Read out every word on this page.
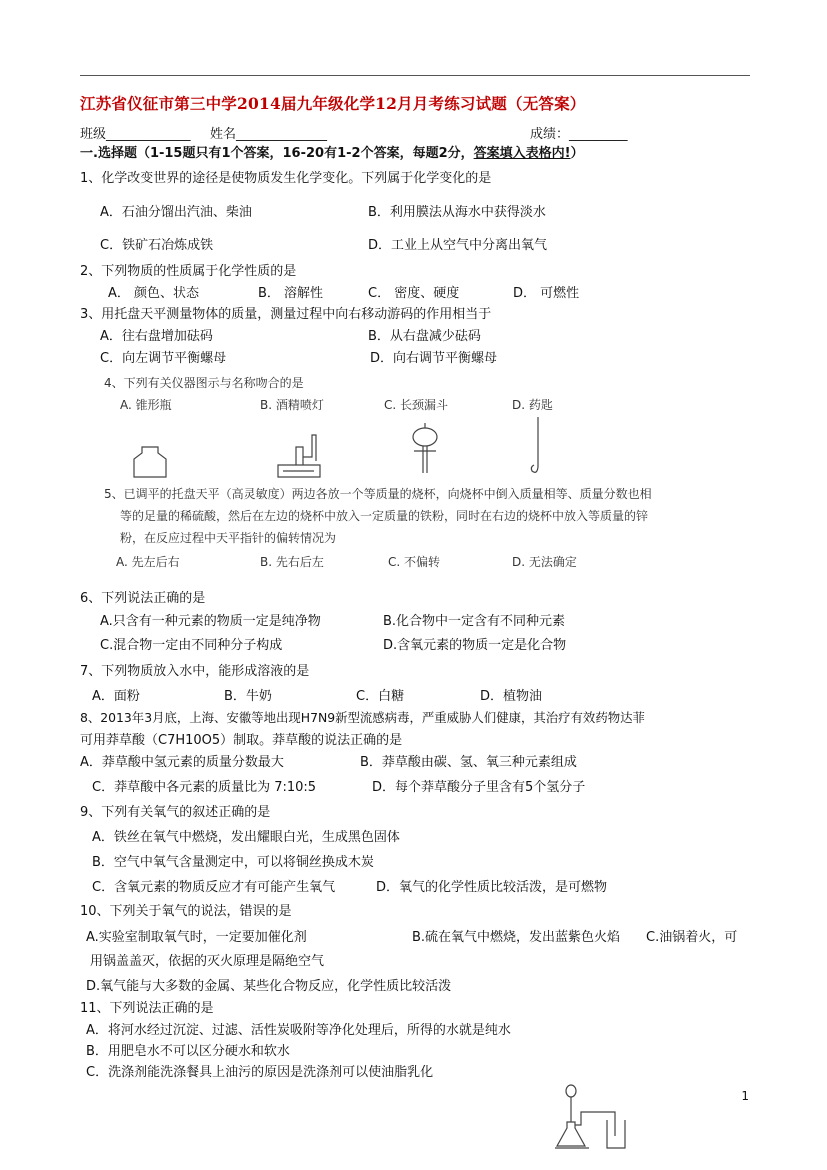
江苏省仪征市第三中学2014届九年级化学12月月考练习试题（无答案）
班级_____________ 姓名______________	成绩：_________
一.选择题（1-15题只有1个答案，16-20有1-2个答案，每题2分，答案填入表格内!）
1、化学改变世界的途径是使物质发生化学变化。下列属于化学变化的是
A．石油分馏出汽油、柴油	B．利用膜法从海水中获得淡水
C．铁矿石冶炼成铁	D．工业上从空气中分离出氧气
2、下列物质的性质属于化学性质的是
A． 颜色、状态	B． 溶解性	C． 密度、硬度	D． 可燃性
3、用托盘天平测量物体的质量，测量过程中向右移动游码的作用相当于
A．往右盘增加砝码	B．从右盘减少砝码
C．向左调节平衡螺母	D．向右调节平衡螺母
4、下列有关仪器图示与名称吻合的是
A. 锥形瓶	B. 酒精喷灯	C. 长颈漏斗	D. 药匙
5、已调平的托盘天平（高灵敏度）两边各放一个等质量的烧杯，向烧杯中倒入质量相等、质量分数也相
等的足量的稀硫酸，然后在左边的烧杯中放入一定质量的铁粉，同时在右边的烧杯中放入等质量的锌
粉，在反应过程中天平指针的偏转情况为
A. 先左后右	B. 先右后左	C. 不偏转	D. 无法确定
6、下列说法正确的是
A.只含有一种元素的物质一定是纯净物	B.化合物中一定含有不同种元素
C.混合物一定由不同种分子构成	D.含氧元素的物质一定是化合物
7、下列物质放入水中，能形成溶液的是
A．面粉	B．牛奶	C．白糖	D．植物油
8、2013年3月底，上海、安徽等地出现H7N9新型流感病毒，严重威胁人们健康，其治疗有效药物达菲
可用莽草酸（C7H10O5）制取。莽草酸的说法正确的是
A．莽草酸中氢元素的质量分数最大	B．莽草酸由碳、氢、氧三种元素组成
C．莽草酸中各元素的质量比为 7:10:5	D．每个莽草酸分子里含有5个氢分子
9、下列有关氧气的叙述正确的是
A．铁丝在氧气中燃烧，发出耀眼白光，生成黑色固体
B．空气中氧气含量测定中，可以将铜丝换成木炭
C．含氧元素的物质反应才有可能产生氧气	D．氧气的化学性质比较活泼，是可燃物
10、下列关于氧气的说法，错误的是
A.实验室制取氧气时，一定要加催化剂	B.硫在氧气中燃烧，发出蓝紫色火焰 C.油锅着火，可
用锅盖盖灭，依据的灭火原理是隔绝空气
D.氧气能与大多数的金属、某些化合物反应，化学性质比较活泼
11、下列说法正确的是
A．将河水经过沉淀、过滤、活性炭吸附等净化处理后，所得的水就是纯水
B．用肥皂水不可以区分硬水和软水
C．洗涤剂能洗涤餐具上油污的原因是洗涤剂可以使油脂乳化
1
